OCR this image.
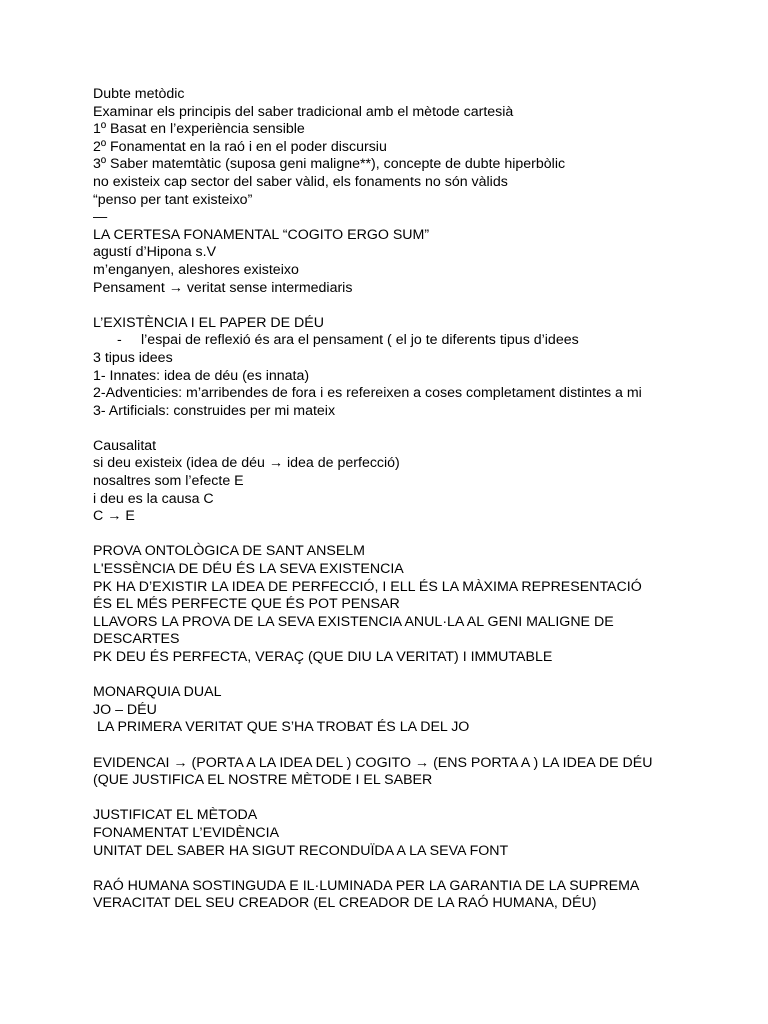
Dubte metòdic
Examinar els principis del saber tradicional amb el mètode cartesià
1º Basat en l’experiència sensible
2º Fonamentat en la raó i en el poder discursiu
3º Saber matemtàtic (suposa geni maligne**), concepte de dubte hiperbòlic
no existeix cap sector del saber vàlid, els fonaments no són vàlids
“penso per tant existeixo”
—
LA CERTESA FONAMENTAL “COGITO ERGO SUM”
agustí d’Hipona s.V
m’enganyen, aleshores existeixo
Pensament → veritat sense intermediaris
L’EXISTÈNCIA I EL PAPER DE DÉU
- l’espai de reflexió és ara el pensament ( el jo te diferents tipus d’idees
3 tipus idees
1- Innates: idea de déu (es innata)
2-Adventicies: m’arribendes de fora i es refereixen a coses completament distintes a mi
3- Artificials: construides per mi mateix
Causalitat
si deu existeix (idea de déu → idea de perfecció)
nosaltres som l’efecte E
i deu es la causa C
C → E
PROVA ONTOLÒGICA DE SANT ANSELM
L'ESSÈNCIA DE DÉU ÉS LA SEVA EXISTENCIA
PK HA D’EXISTIR LA IDEA DE PERFECCIÓ, I ELL ÉS LA MÀXIMA REPRESENTACIÓ
ÉS EL MÉS PERFECTE QUE ÉS POT PENSAR
LLAVORS LA PROVA DE LA SEVA EXISTENCIA ANUL·LA AL GENI MALIGNE DE
DESCARTES
PK DEU ÉS PERFECTA, VERAÇ (QUE DIU LA VERITAT) I IMMUTABLE
MONARQUIA DUAL
JO – DÉU
LA PRIMERA VERITAT QUE S’HA TROBAT ÉS LA DEL JO
EVIDENCAI → (PORTA A LA IDEA DEL ) COGITO → (ENS PORTA A ) LA IDEA DE DÉU
(QUE JUSTIFICA EL NOSTRE MÈTODE I EL SABER
JUSTIFICAT EL MÈTODA
FONAMENTAT L’EVIDÈNCIA
UNITAT DEL SABER HA SIGUT RECONDUÏDA A LA SEVA FONT
RAÓ HUMANA SOSTINGUDA E IL·LUMINADA PER LA GARANTIA DE LA SUPREMA
VERACITAT DEL SEU CREADOR (EL CREADOR DE LA RAÓ HUMANA, DÉU)
